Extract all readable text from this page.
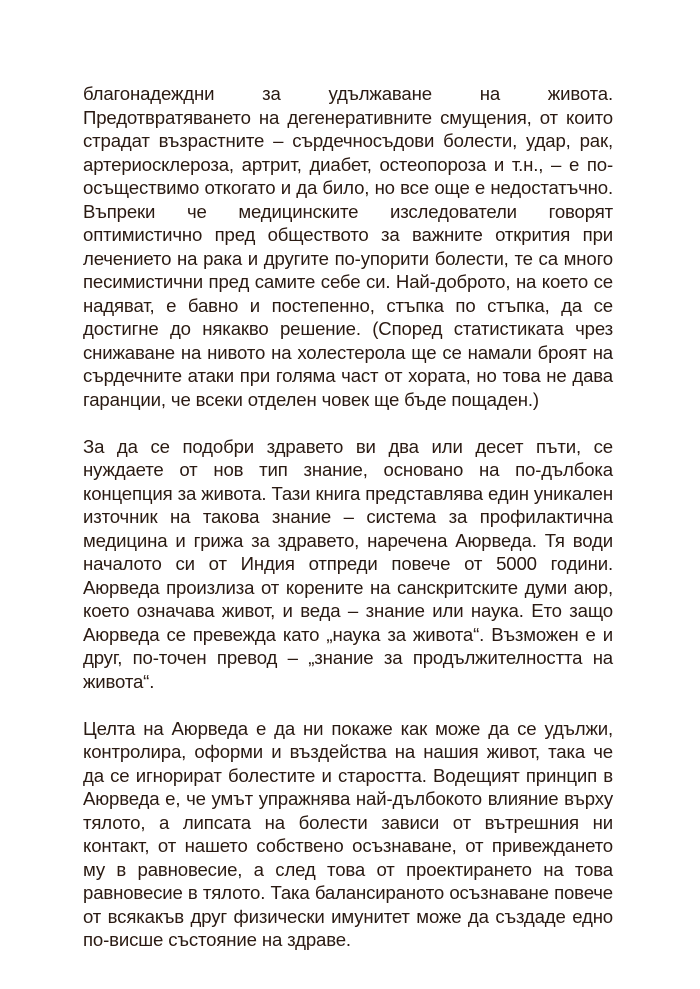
благонадеждни за удължаване на живота. Предотвратяването на дегенеративните смущения, от които страдат възрастните – сърдечносъдови болести, удар, рак, артериосклероза, артрит, диабет, остеопороза и т.н., – е по-осъществимо откогато и да било, но все още е недостатъчно. Въпреки че медицинските изследователи говорят оптимистично пред обществото за важните открития при лечението на рака и другите по-упорити болести, те са много песимистични пред самите себе си. Най-доброто, на което се надяват, е бавно и постепенно, стъпка по стъпка, да се достигне до някакво решение. (Според статистиката чрез снижаване на нивото на холестерола ще се намали броят на сърдечните атаки при голяма част от хората, но това не дава гаранции, че всеки отделен човек ще бъде пощаден.)

За да се подобри здравето ви два или десет пъти, се нуждаете от нов тип знание, основано на по-дълбока концепция за живота. Тази книга представлява един уникален източник на такова знание – система за профилактична медицина и грижа за здравето, наречена Аюрведа. Тя води началото си от Индия отпреди повече от 5000 години. Аюрведа произлиза от корените на санскритските думи аюр, което означава живот, и веда – знание или наука. Ето защо Аюрведа се превежда като „наука за живота“. Възможен е и друг, по-точен превод – „знание за продължителността на живота“.

Целта на Аюрведа е да ни покаже как може да се удължи, контролира, оформи и въздейства на нашия живот, така че да се игнорират болестите и старостта. Водещият принцип в Аюрведа е, че умът упражнява най-дълбокото влияние върху тялото, а липсата на болести зависи от вътрешния ни контакт, от нашето собствено осъзнаване, от привеждането му в равновесие, а след това от проектирането на това равновесие в тялото. Така балансираното осъзнаване повече от всякакъв друг физически имунитет може да създаде едно по-висше състояние на здраве.
